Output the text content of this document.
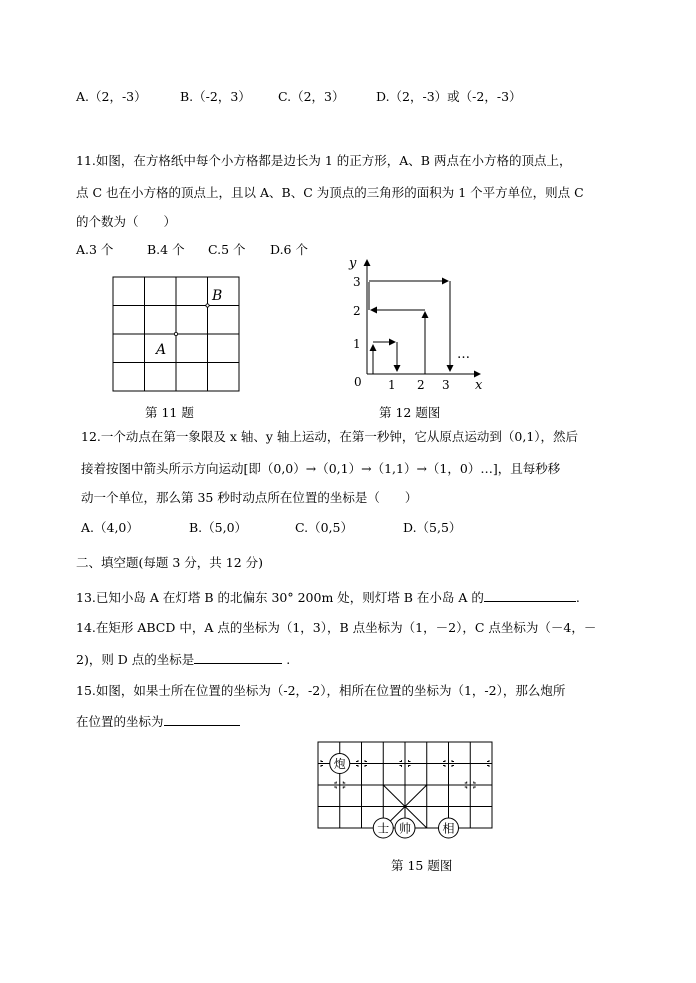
A.（2，-3）	B.（-2，3） C.（2，3）	D.（2，-3）或（-2，-3）
11.如图，在方格纸中每个小方格都是边长为 1 的正方形，A、B 两点在小方格的顶点上，
点 C 也在小方格的顶点上，且以 A、B、C 为顶点的三角形的面积为 1 个平方单位，则点 C
的个数为（　　）
A.3 个	B.4 个 C.5 个 D.6 个
B
A
第 11 题
y
x
1
2
3
0 1 2 3
…
第 12 题图
12.一个动点在第一象限及 x 轴、y 轴上运动，在第一秒钟，它从原点运动到（0,1），然后
接着按图中箭头所示方向运动[即（0,0）→（0,1）→（1,1）→（1，0）…]，且每秒移
动一个单位，那么第 35 秒时动点所在位置的坐标是（　　）
A.（4,0）	B.（5,0）	C.（0,5）	D.（5,5）
二、填空题(每题 3 分，共 12 分)
13.已知小岛 A 在灯塔 B 的北偏东 30° 200m 处，则灯塔 B 在小岛 A 的	.
14.在矩形 ABCD 中，A 点的坐标为（1，3），B 点坐标为（1，－2），C 点坐标为（－4，－
2)，则 D 点的坐标是	.
15.如图，如果士所在位置的坐标为（-2，-2），相所在位置的坐标为（1，-2），那么炮所
在位置的坐标为
炮
士 帅	相
第 15 题图
